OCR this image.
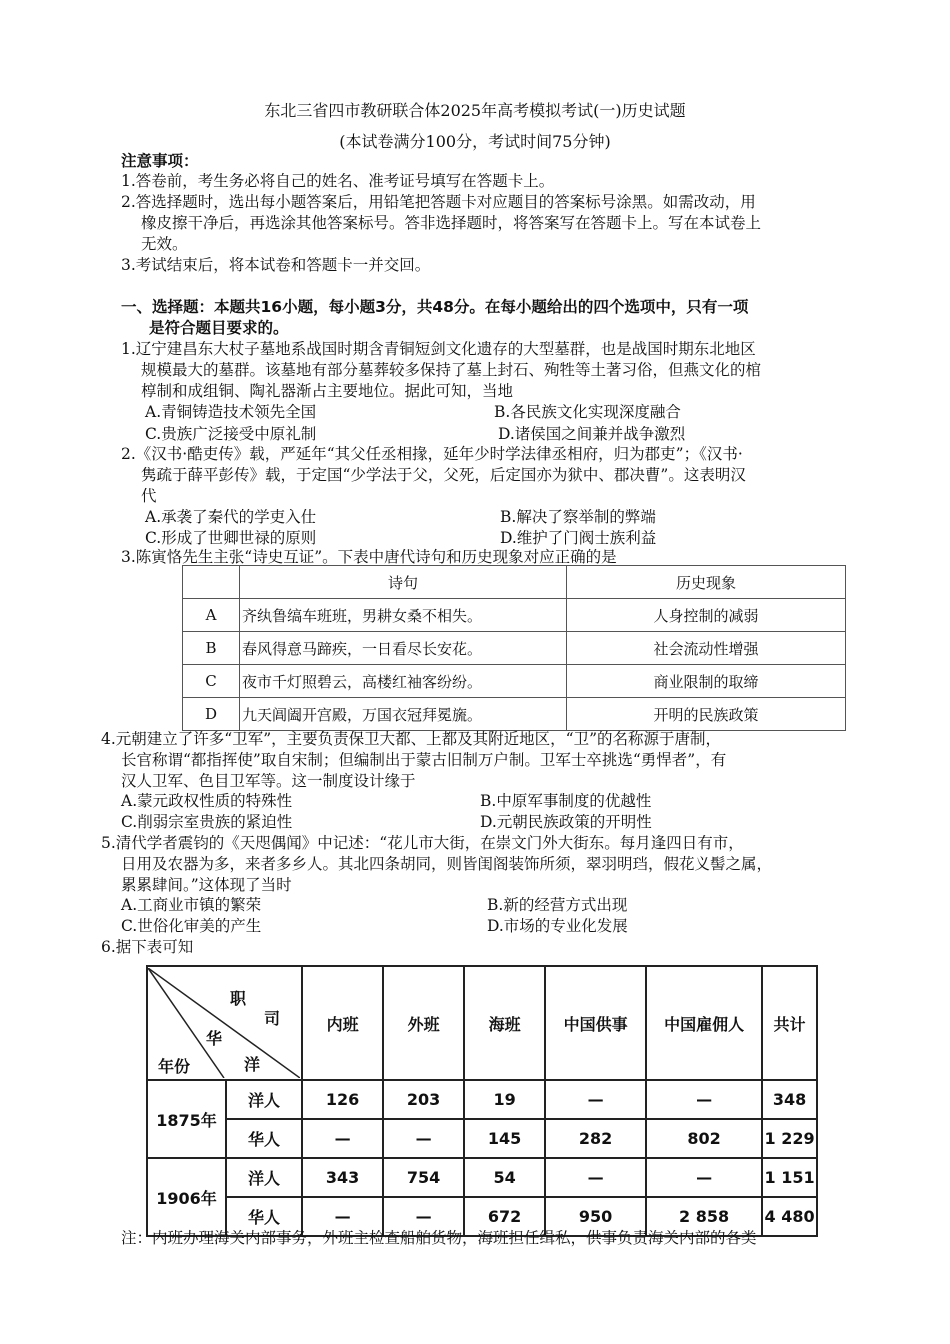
东北三省四市教研联合体2025年高考模拟考试(一)历史试题
(本试卷满分100分，考试时间75分钟)
注意事项：
1.答卷前，考生务必将自己的姓名、准考证号填写在答题卡上。
2.答选择题时，选出每小题答案后，用铅笔把答题卡对应题目的答案标号涂黑。如需改动，用
橡皮擦干净后，再选涂其他答案标号。答非选择题时，将答案写在答题卡上。写在本试卷上
无效。
3.考试结束后，将本试卷和答题卡一并交回。
一、选择题：本题共16小题，每小题3分，共48分。在每小题给出的四个选项中，只有一项
是符合题目要求的。
1.辽宁建昌东大杖子墓地系战国时期含青铜短剑文化遗存的大型墓群，也是战国时期东北地区
规模最大的墓群。该墓地有部分墓葬较多保持了墓上封石、殉牲等土著习俗，但燕文化的棺
椁制和成组铜、陶礼器渐占主要地位。据此可知，当地
A.青铜铸造技术领先全国	B.各民族文化实现深度融合
C.贵族广泛接受中原礼制	D.诸侯国之间兼并战争激烈
2.《汉书·酷吏传》载，严延年“其父任丞相掾，延年少时学法律丞相府，归为郡吏”；《汉书·
隽疏于薛平彭传》载，于定国“少学法于父，父死，后定国亦为狱中、郡决曹”。这表明汉
代
A.承袭了秦代的学吏入仕	B.解决了察举制的弊端
C.形成了世卿世禄的原则	D.维护了门阀士族利益
3.陈寅恪先生主张“诗史互证”。下表中唐代诗句和历史现象对应正确的是
	诗句	历史现象
A	齐纨鲁缟车班班，男耕女桑不相失。	人身控制的减弱
B	春风得意马蹄疾，一日看尽长安花。	社会流动性增强
C	夜市千灯照碧云，高楼红袖客纷纷。	商业限制的取缔
D	九天阊阖开宫殿，万国衣冠拜冕旒。	开明的民族政策
4.元朝建立了许多“卫军”，主要负责保卫大都、上都及其附近地区，“卫”的名称源于唐制，
长官称谓“都指挥使”取自宋制；但编制出于蒙古旧制万户制。卫军士卒挑选“勇悍者”，有
汉人卫军、色目卫军等。这一制度设计缘于
A.蒙元政权性质的特殊性	B.中原军事制度的优越性
C.削弱宗室贵族的紧迫性	D.元朝民族政策的开明性
5.清代学者震钧的《天咫偶闻》中记述：“花儿市大街，在崇文门外大街东。每月逢四日有市，
日用及农器为多，来者多乡人。其北四条胡同，则皆闺阁装饰所须，翠羽明珰，假花义髻之属，
累累肆间。”这体现了当时
A.工商业市镇的繁荣	B.新的经营方式出现
C.世俗化审美的产生	D.市场的专业化发展
6.据下表可知
职
司
华
洋
年份		内班	外班	海班	中国供事	中国雇佣人	共计
1875年	洋人	126	203	19	—	—	348
	华人	—	—	145	282	802	1 229
1906年	洋人	343	754	54	—	—	1 151
	华人	—	—	672	950	2 858	4 480
注：内班办理海关内部事务，外班主检查船舶货物，海班担任缉私，供事负责海关内部的各类
